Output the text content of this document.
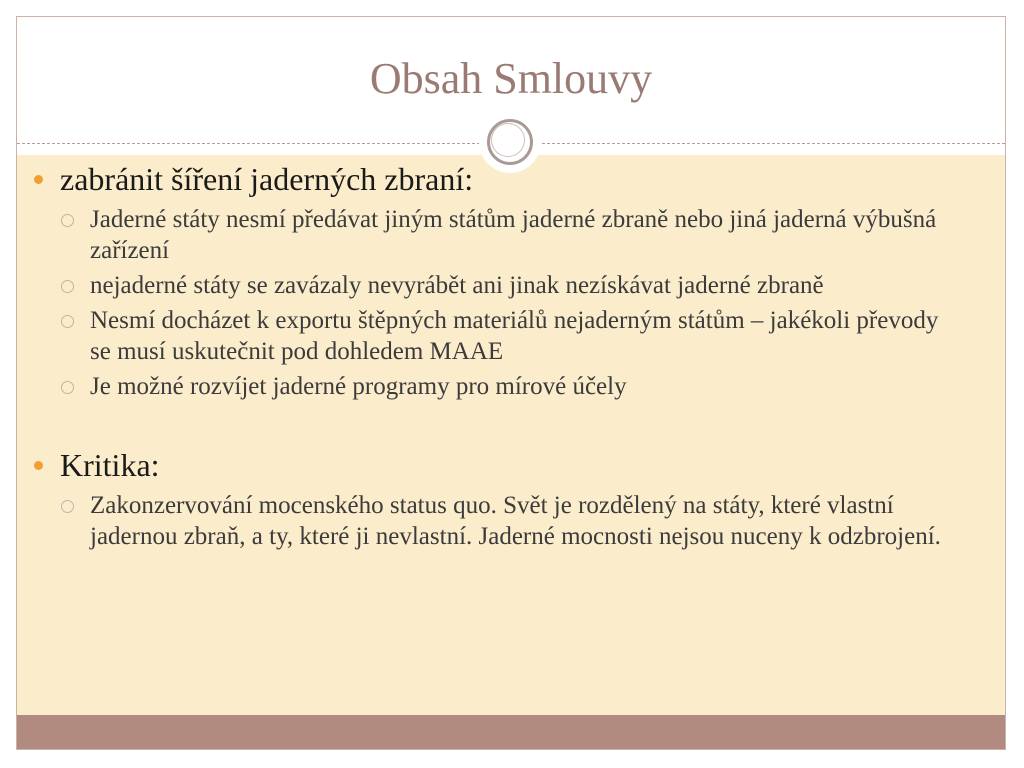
Obsah Smlouvy
zabránit šíření jaderných zbraní:
Jaderné státy nesmí předávat jiným státům jaderné zbraně nebo jiná jaderná výbušná zařízení
nejaderné státy se zavázaly nevyrábět ani jinak nezískávat jaderné zbraně
Nesmí docházet k exportu štěpných materiálů nejaderným státům – jakékoli převody se musí uskutečnit pod dohledem MAAE
Je možné rozvíjet jaderné programy pro mírové účely
Kritika:
Zakonzervování mocenského status quo. Svět je rozdělený na státy, které vlastní jadernou zbraň, a ty, které ji nevlastní. Jaderné mocnosti nejsou nuceny k odzbrojení.
